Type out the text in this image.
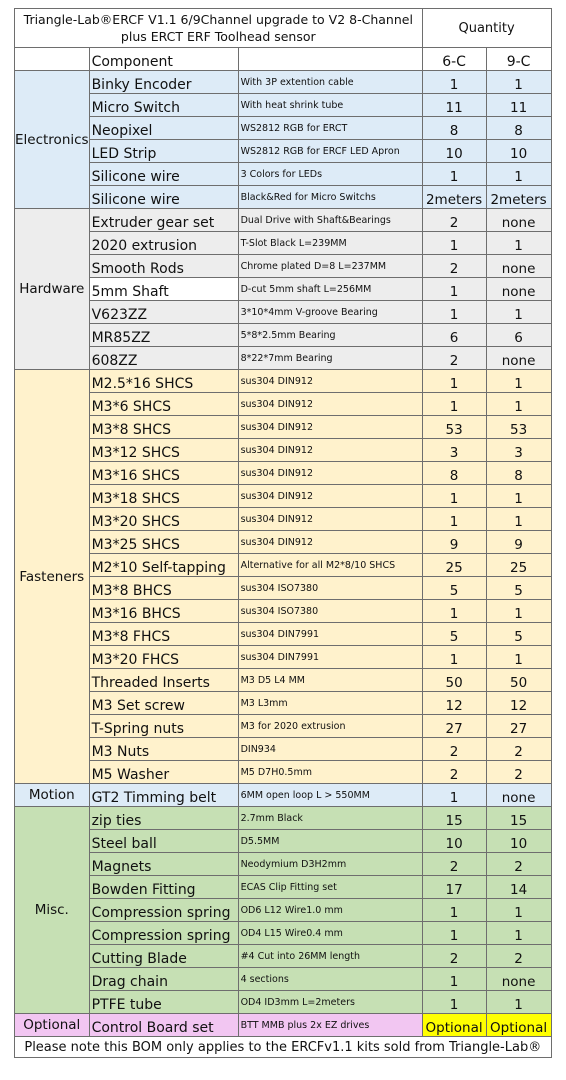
Triangle-Lab®ERCF V1.1 6/9Channel upgrade to V2 8-Channel plus ERCT ERF Toolhead sensor			Quantity	
	Component		6-C	9-C
Electronics	Binky Encoder	With 3P extention cable	1	1
	Micro Switch	With heat shrink tube	11	11
	Neopixel	WS2812 RGB for ERCT	8	8
	LED Strip	WS2812 RGB for ERCF LED Apron	10	10
	Silicone wire	3 Colors for LEDs	1	1
	Silicone wire	Black&Red for Micro Switchs	2meters	2meters
Hardware	Extruder gear set	Dual Drive with Shaft&Bearings	2	none
	2020 extrusion	T-Slot Black L=239MM	1	1
	Smooth Rods	Chrome plated D=8 L=237MM	2	none
	5mm Shaft	D-cut 5mm shaft L=256MM	1	none
	V623ZZ	3*10*4mm V-groove Bearing	1	1
	MR85ZZ	5*8*2.5mm Bearing	6	6
	608ZZ	8*22*7mm Bearing	2	none
Fasteners	M2.5*16 SHCS	sus304 DIN912	1	1
	M3*6 SHCS	sus304 DIN912	1	1
	M3*8 SHCS	sus304 DIN912	53	53
	M3*12 SHCS	sus304 DIN912	3	3
	M3*16 SHCS	sus304 DIN912	8	8
	M3*18 SHCS	sus304 DIN912	1	1
	M3*20 SHCS	sus304 DIN912	1	1
	M3*25 SHCS	sus304 DIN912	9	9
	M2*10 Self-tapping	Alternative for all M2*8/10 SHCS	25	25
	M3*8 BHCS	sus304 ISO7380	5	5
	M3*16 BHCS	sus304 ISO7380	1	1
	M3*8 FHCS	sus304 DIN7991	5	5
	M3*20 FHCS	sus304 DIN7991	1	1
	Threaded Inserts	M3 D5 L4 MM	50	50
	M3 Set screw	M3 L3mm	12	12
	T-Spring nuts	M3 for 2020 extrusion	27	27
	M3 Nuts	DIN934	2	2
	M5 Washer	M5 D7H0.5mm	2	2
Motion	GT2 Timming belt	6MM open loop L > 550MM	1	none
Misc.	zip ties	2.7mm Black	15	15
	Steel ball	D5.5MM	10	10
	Magnets	Neodymium D3H2mm	2	2
	Bowden Fitting	ECAS Clip Fitting set	17	14
	Compression spring	OD6 L12 Wire1.0 mm	1	1
	Compression spring	OD4 L15 Wire0.4 mm	1	1
	Cutting Blade	#4 Cut into 26MM length	2	2
	Drag chain	4 sections	1	none
	PTFE tube	OD4 ID3mm L=2meters	1	1
Optional	Control Board set	BTT MMB plus 2x EZ drives	Optional	Optional
Please note this BOM only applies to the ERCFv1.1 kits sold from Triangle-Lab®				
